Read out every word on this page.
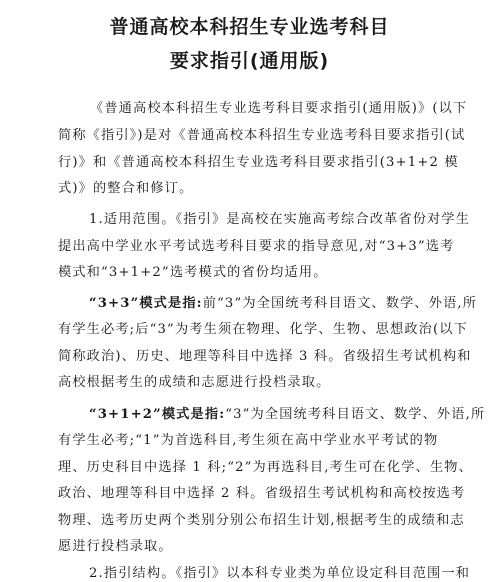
普通高校本科招生专业选考科目
要求指引(通用版)
《普通高校本科招生专业选考科目要求指引(通用版)》(以下
简称《指引》)是对《普通高校本科招生专业选考科目要求指引(试
行)》和《普通高校本科招生专业选考科目要求指引(3+1+2 模
式)》的整合和修订。
1.适用范围。《指引》是高校在实施高考综合改革省份对学生
提出高中学业水平考试选考科目要求的指导意见,对“3+3”选考
模式和“3+1+2”选考模式的省份均适用。
“3+3”模式是指:前“3”为全国统考科目语文、数学、外语,所
有学生必考;后“3”为考生须在物理、化学、生物、思想政治(以下
简称政治)、历史、地理等科目中选择 3 科。省级招生考试机构和
高校根据考生的成绩和志愿进行投档录取。
“3+1+2”模式是指:“3”为全国统考科目语文、数学、外语,所
有学生必考;“1”为首选科目,考生须在高中学业水平考试的物
理、历史科目中选择 1 科;“2”为再选科目,考生可在化学、生物、
政治、地理等科目中选择 2 科。省级招生考试机构和高校按选考
物理、选考历史两个类别分别公布招生计划,根据考生的成绩和志
愿进行投档录取。
2.指引结构。《指引》以本科专业类为单位设定科目范围一和
